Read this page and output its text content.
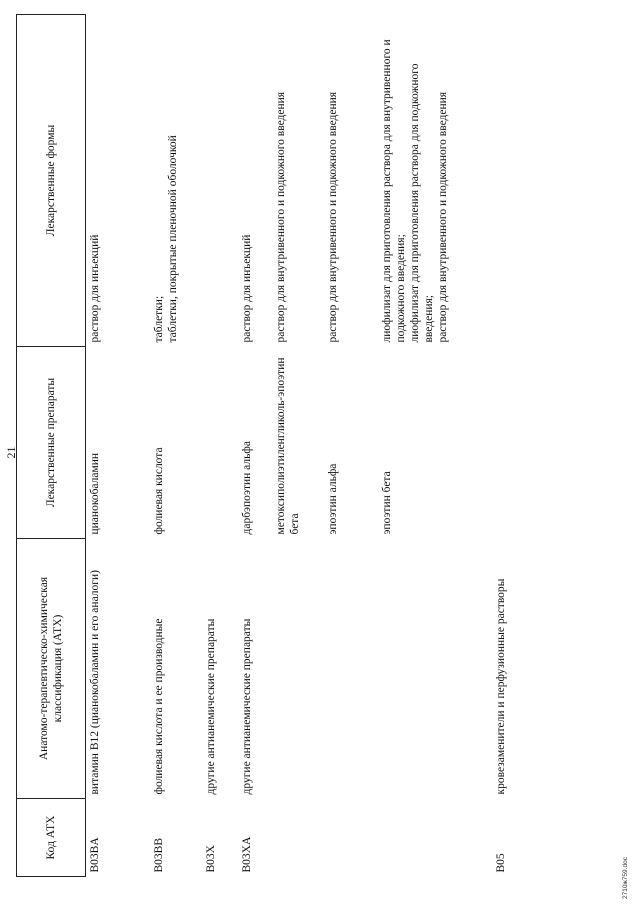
21
Код АТХ	Анатомо-терапевтическо-химическая классификация (АТХ)	Лекарственные препараты	Лекарственные формы
B03BA	витамин B12 (цианокобаламин и его аналоги)	цианокобаламин	раствор для инъекций
B03BB	фолиевая кислота и ее производные	фолиевая кислота	таблетки;
таблетки, покрытые пленочной оболочкой
B03X	другие антианемические препараты		
B03XA	другие антианемические препараты	дарбэпоэтин альфа	раствор для инъекций
		метоксиполиэтиленгликоль-эпоэтин бета	раствор для внутривенного и подкожного введения
		эпоэтин альфа	раствор для внутривенного и подкожного введения
		эпоэтин бета	лиофилизат для приготовления раствора для внутривенного и подкожного введения;
лиофилизат для приготовления раствора для подкожного введения;
раствор для внутривенного и подкожного введения
B05	кровезаменители и перфузионные растворы		
2710ж759.doc
